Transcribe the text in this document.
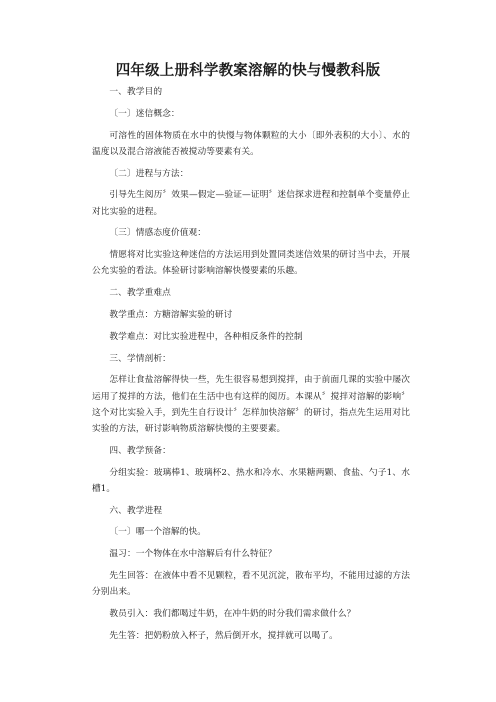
四年级上册科学教案溶解的快与慢教科版

一、教学目的

〔一〕迷信概念：

可溶性的固体物质在水中的快慢与物体颗粒的大小〔即外表积的大小〕、水的温度以及混合溶液能否被搅动等要素有关。

〔二〕进程与方法：

引导先生阅历〞效果—假定—验证—证明〞迷信探求进程和控制单个变量停止对比实验的进程。

〔三〕情感态度价值观：

情愿将对比实验这种迷信的方法运用到处置同类迷信效果的研讨当中去，开展公允实验的看法。体验研讨影响溶解快慢要素的乐趣。

二、教学重难点

教学重点：方糖溶解实验的研讨

教学难点：对比实验进程中，各种相反条件的控制

三、学情剖析：

怎样让食盐溶解得快一些，先生很容易想到搅拌，由于前面几课的实验中屡次运用了搅拌的方法，他们在生活中也有这样的阅历。本课从〞搅拌对溶解的影响〞这个对比实验入手，到先生自行设计〞怎样加快溶解〞的研讨，指点先生运用对比实验的方法，研讨影响物质溶解快慢的主要要素。

四、教学预备：

分组实验：玻璃棒1、玻璃杯2、热水和冷水、水果糖两颗、食盐、勺子1、水槽1。

六、教学进程

〔一〕哪一个溶解的快。

温习：一个物体在水中溶解后有什么特征？

先生回答：在液体中看不见颗粒，看不见沉淀，散布平均，不能用过滤的方法分别出来。

教员引入：我们都喝过牛奶，在冲牛奶的时分我们需求做什么？

先生答：把奶粉放入杯子，然后倒开水，搅拌就可以喝了。
